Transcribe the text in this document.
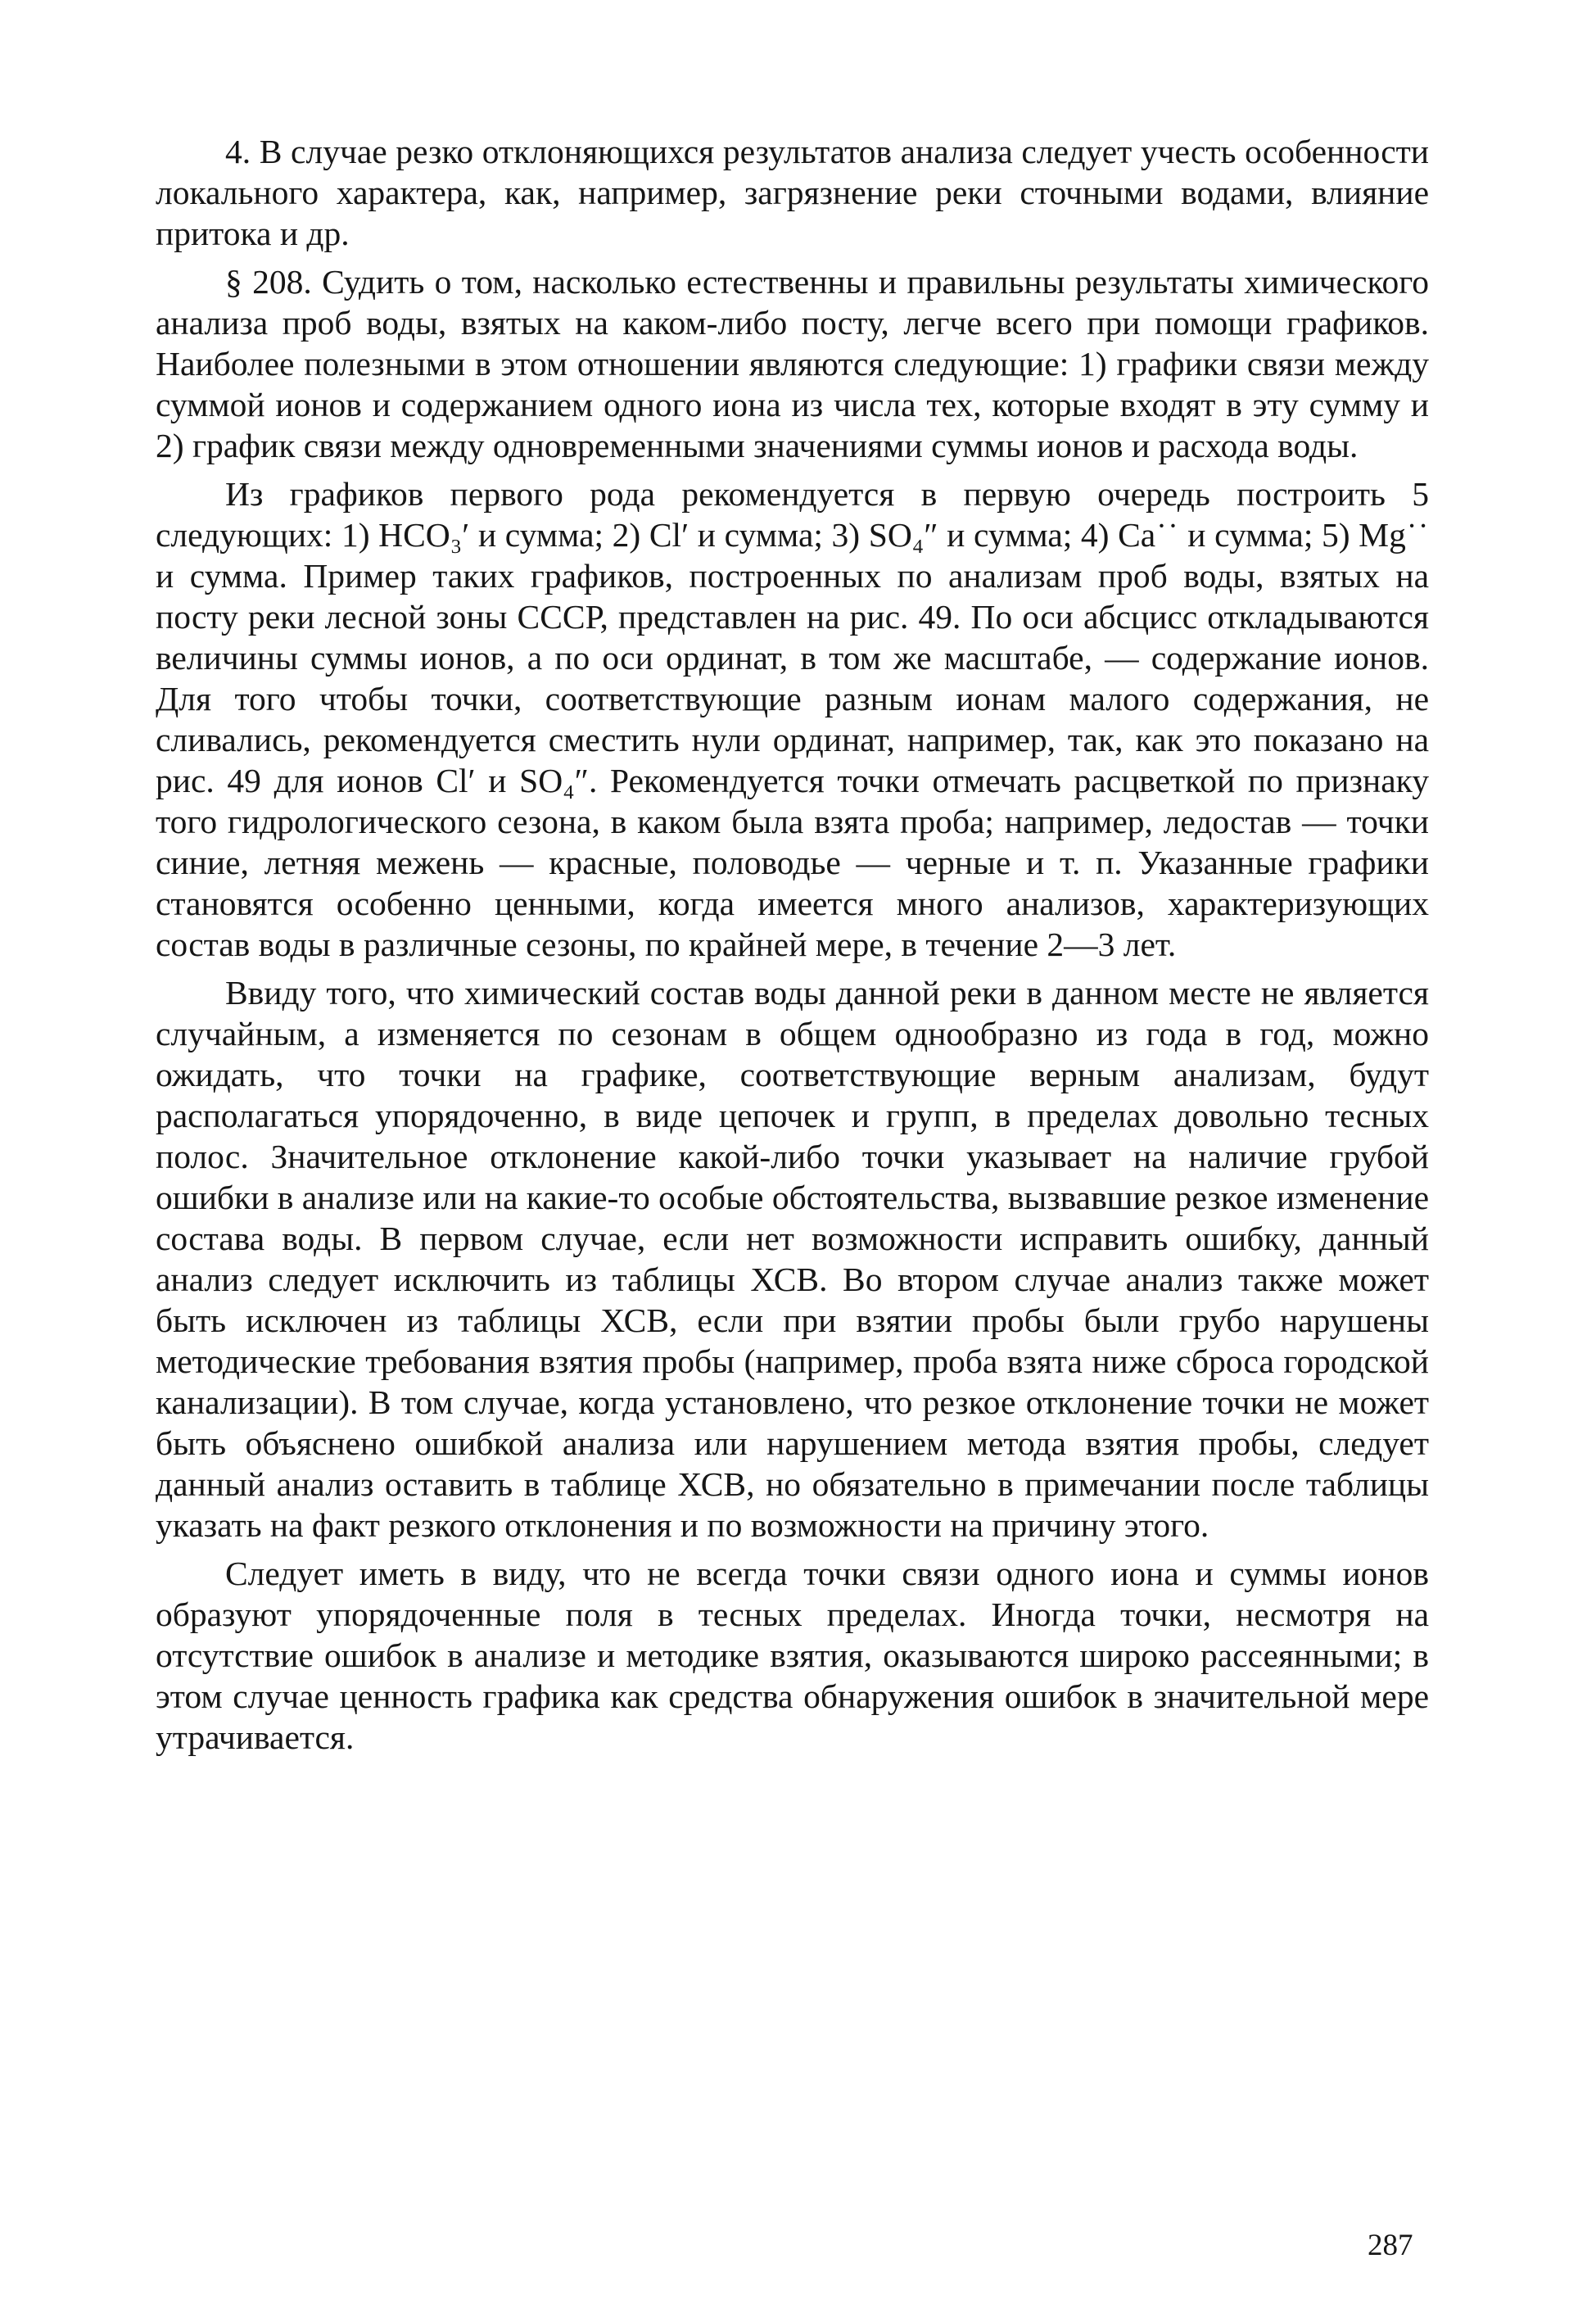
4. В случае резко отклоняющихся результатов анализа следует учесть особенности локального характера, как, например, загрязнение реки сточными водами, влияние притока и др.

§ 208. Судить о том, насколько естественны и правильны результаты химического анализа проб воды, взятых на каком-либо посту, легче всего при помощи графиков. Наиболее полезными в этом отношении являются следующие: 1) графики связи между суммой ионов и содержанием одного иона из числа тех, которые входят в эту сумму и 2) график связи между одновременными значениями суммы ионов и расхода воды.

Из графиков первого рода рекомендуется в первую очередь построить 5 следующих: 1) HCO₃′ и сумма; 2) Cl′ и сумма; 3) SO₄″ и сумма; 4) Ca˙˙ и сумма; 5) Mg˙˙ и сумма. Пример таких графиков, построенных по анализам проб воды, взятых на посту реки лесной зоны СССР, представлен на рис. 49. По оси абсцисс откладываются величины суммы ионов, а по оси ординат, в том же масштабе, — содержание ионов. Для того чтобы точки, соответствующие разным ионам малого содержания, не сливались, рекомендуется сместить нули ординат, например, так, как это показано на рис. 49 для ионов Cl′ и SO₄″. Рекомендуется точки отмечать расцветкой по признаку того гидрологического сезона, в каком была взята проба; например, ледостав — точки синие, летняя межень — красные, половодье — черные и т. п. Указанные графики становятся особенно ценными, когда имеется много анализов, характеризующих состав воды в различные сезоны, по крайней мере, в течение 2—3 лет.

Ввиду того, что химический состав воды данной реки в данном месте не является случайным, а изменяется по сезонам в общем однообразно из года в год, можно ожидать, что точки на графике, соответствующие верным анализам, будут располагаться упорядоченно, в виде цепочек и групп, в пределах довольно тесных полос. Значительное отклонение какой-либо точки указывает на наличие грубой ошибки в анализе или на какие-то особые обстоятельства, вызвавшие резкое изменение состава воды. В первом случае, если нет возможности исправить ошибку, данный анализ следует исключить из таблицы ХСВ. Во втором случае анализ также может быть исключен из таблицы ХСВ, если при взятии пробы были грубо нарушены методические требования взятия пробы (например, проба взята ниже сброса городской канализации). В том случае, когда установлено, что резкое отклонение точки не может быть объяснено ошибкой анализа или нарушением метода взятия пробы, следует данный анализ оставить в таблице ХСВ, но обязательно в примечании после таблицы указать на факт резкого отклонения и по возможности на причину этого.

Следует иметь в виду, что не всегда точки связи одного иона и суммы ионов образуют упорядоченные поля в тесных пределах. Иногда точки, несмотря на отсутствие ошибок в анализе и методике взятия, оказываются широко рассеянными; в этом случае ценность графика как средства обнаружения ошибок в значительной мере утрачивается.

287
